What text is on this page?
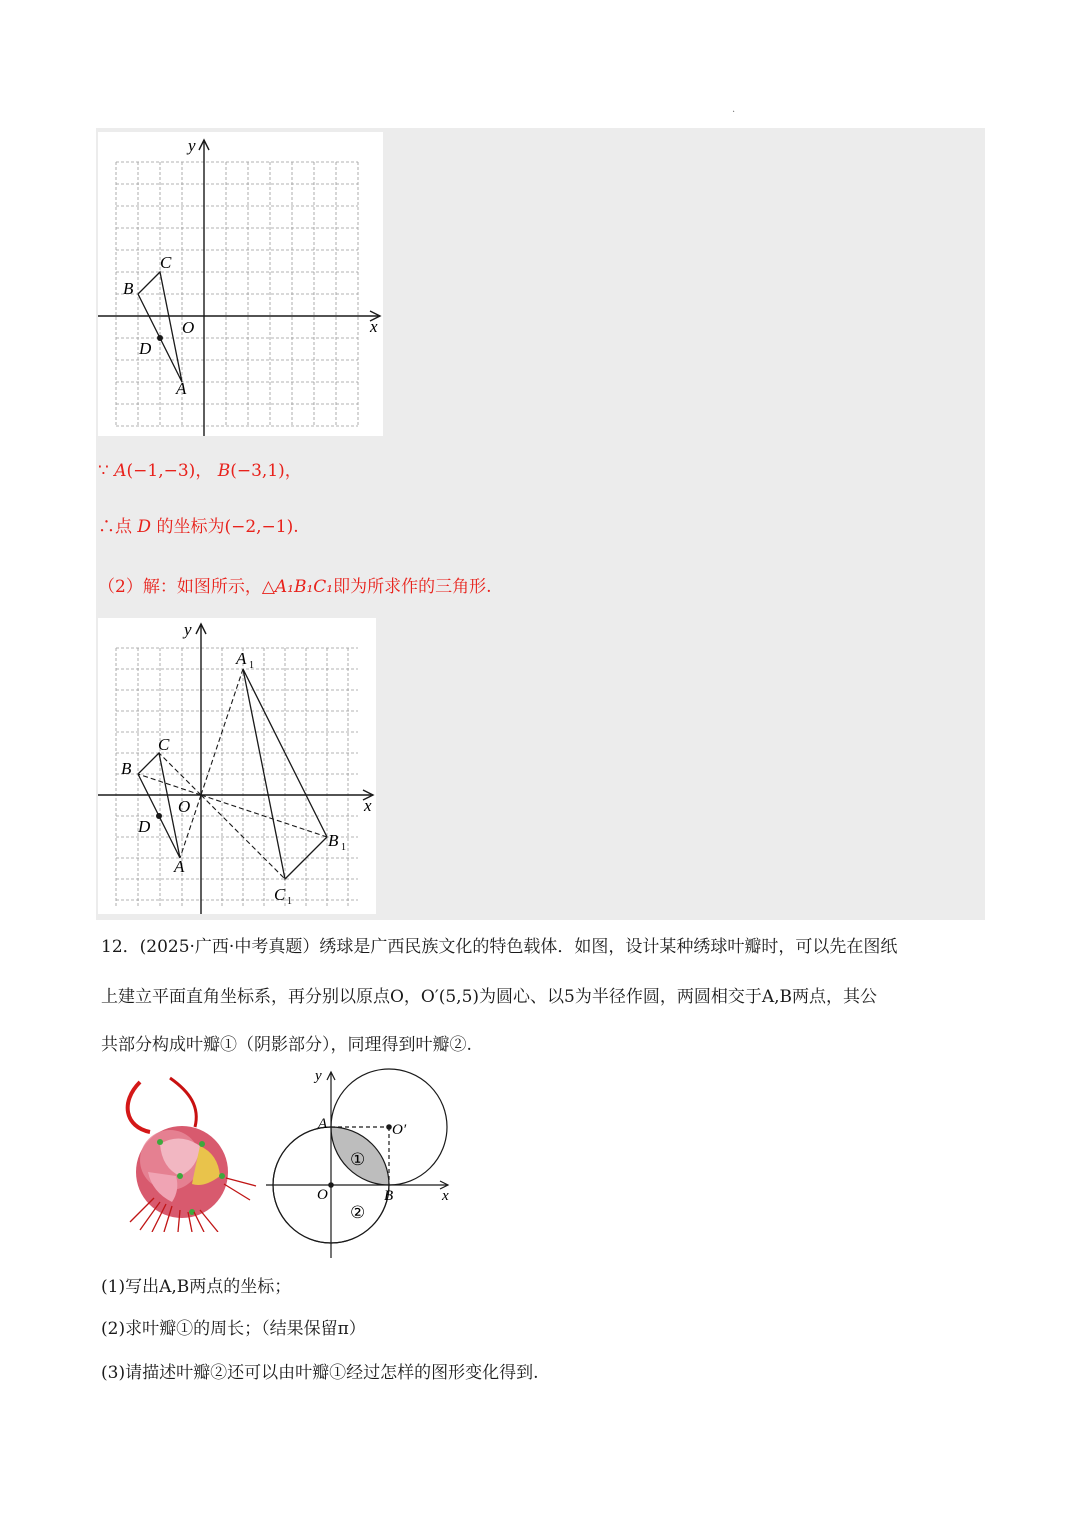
.
x
y
O
A
B
C
D
∵ A(−1,−3)， B(−3,1)，
∴点 D 的坐标为(−2,−1).
（2）解：如图所示，△A₁B₁C₁即为所求作的三角形.
x
y
O
A
B
C
D
A 1
B 1
C 1
12．(2025·广西·中考真题）绣球是广西民族文化的特色载体．如图，设计某种绣球叶瓣时，可以先在图纸
上建立平面直角坐标系，再分别以原点O，O′(5,5)为圆心、以5为半径作圆，两圆相交于A,B两点，其公
共部分构成叶瓣①（阴影部分），同理得到叶瓣②.
x
y
O
A
B
O′
①
②
(1)写出A,B两点的坐标；
(2)求叶瓣①的周长；（结果保留π）
(3)请描述叶瓣②还可以由叶瓣①经过怎样的图形变化得到.
